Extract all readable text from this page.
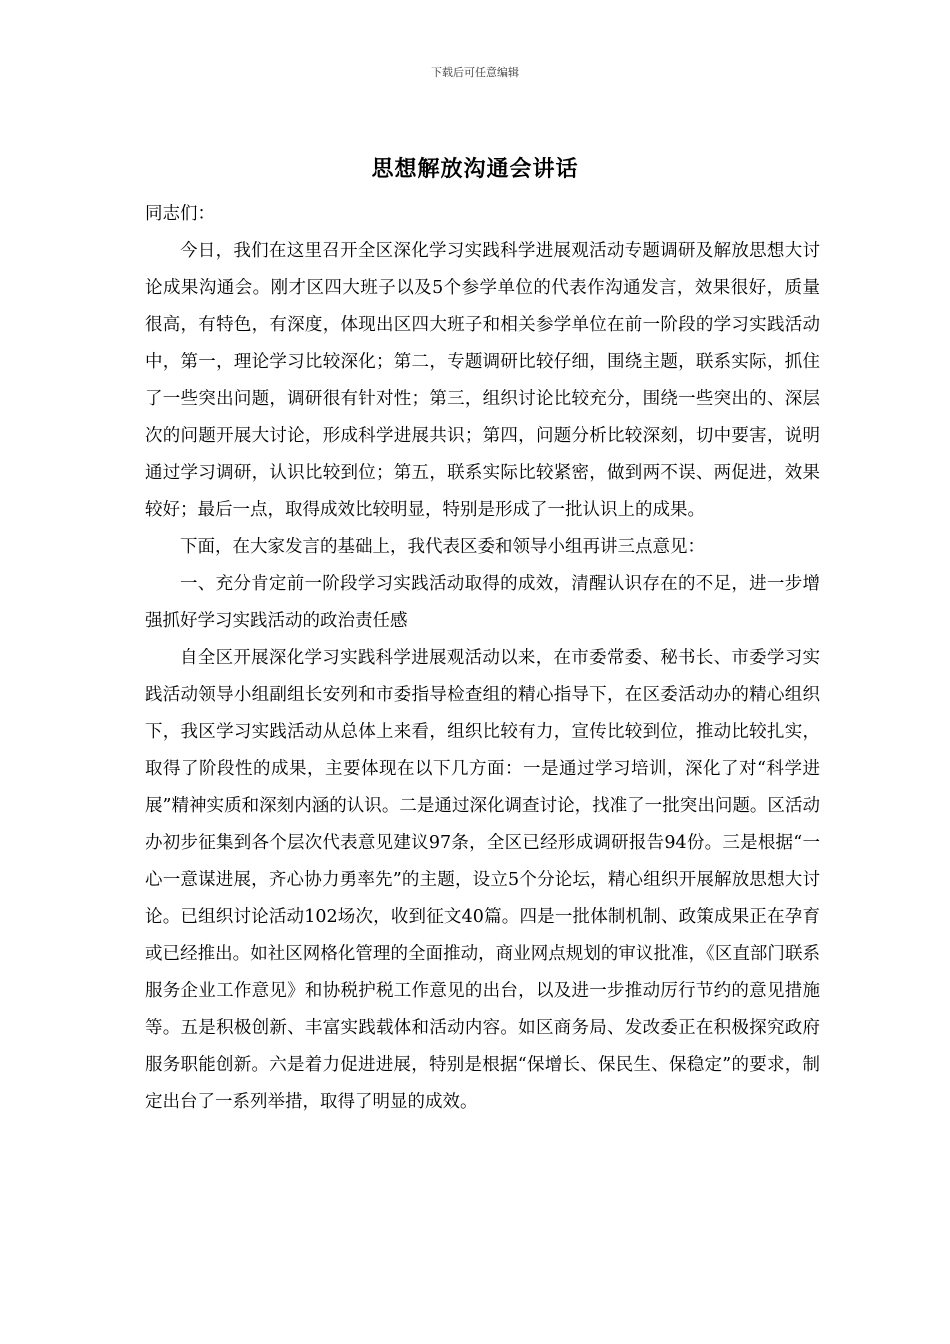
下载后可任意编辑
思想解放沟通会讲话

同志们：

今日，我们在这里召开全区深化学习实践科学进展观活动专题调研及解放思想大讨论成果沟通会。刚才区四大班子以及5个参学单位的代表作沟通发言，效果很好，质量很高，有特色，有深度，体现出区四大班子和相关参学单位在前一阶段的学习实践活动中，第一，理论学习比较深化；第二，专题调研比较仔细，围绕主题，联系实际，抓住了一些突出问题，调研很有针对性；第三，组织讨论比较充分，围绕一些突出的、深层次的问题开展大讨论，形成科学进展共识；第四，问题分析比较深刻，切中要害，说明通过学习调研，认识比较到位；第五，联系实际比较紧密，做到两不误、两促进，效果较好；最后一点，取得成效比较明显，特别是形成了一批认识上的成果。

下面，在大家发言的基础上，我代表区委和领导小组再讲三点意见：

一、充分肯定前一阶段学习实践活动取得的成效，清醒认识存在的不足，进一步增强抓好学习实践活动的政治责任感

自全区开展深化学习实践科学进展观活动以来，在市委常委、秘书长、市委学习实践活动领导小组副组长安列和市委指导检查组的精心指导下，在区委活动办的精心组织下，我区学习实践活动从总体上来看，组织比较有力，宣传比较到位，推动比较扎实，取得了阶段性的成果，主要体现在以下几方面：一是通过学习培训，深化了对“科学进展”精神实质和深刻内涵的认识。二是通过深化调查讨论，找准了一批突出问题。区活动办初步征集到各个层次代表意见建议97条，全区已经形成调研报告94份。三是根据“一心一意谋进展，齐心协力勇率先”的主题，设立5个分论坛，精心组织开展解放思想大讨论。已组织讨论活动102场次，收到征文40篇。四是一批体制机制、政策成果正在孕育或已经推出。如社区网格化管理的全面推动，商业网点规划的审议批准，《区直部门联系服务企业工作意见》和协税护税工作意见的出台，以及进一步推动厉行节约的意见措施等。五是积极创新、丰富实践载体和活动内容。如区商务局、发改委正在积极探究政府服务职能创新。六是着力促进进展，特别是根据“保增长、保民生、保稳定”的要求，制定出台了一系列举措，取得了明显的成效。
